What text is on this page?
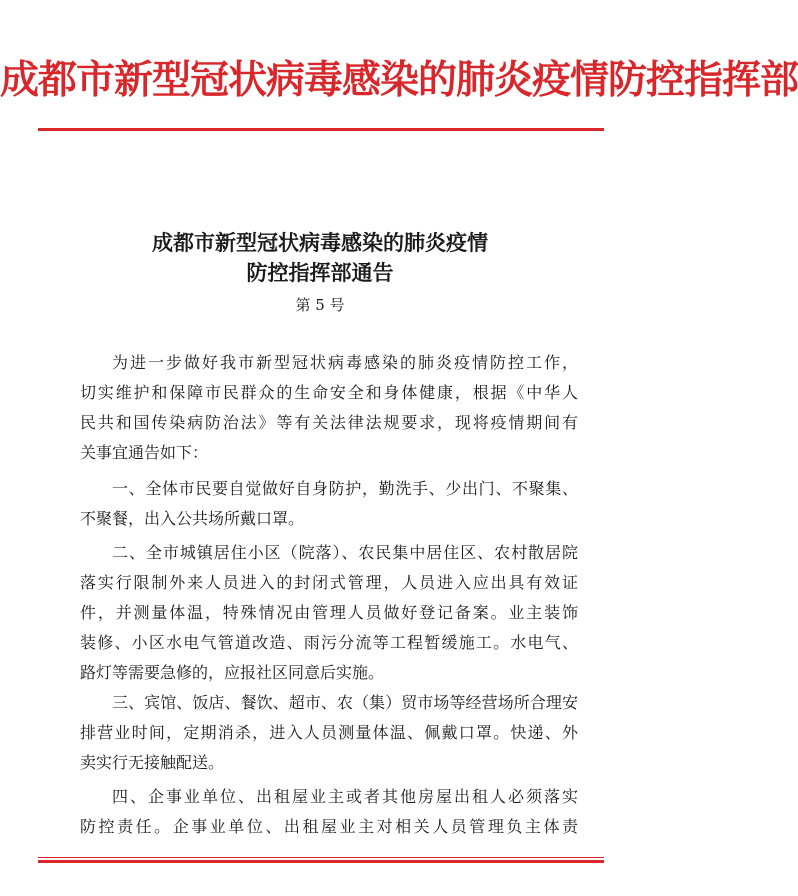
成都市新型冠状病毒感染的肺炎疫情防控指挥部
成都市新型冠状病毒感染的肺炎疫情
防控指挥部通告
第 5 号
为进一步做好我市新型冠状病毒感染的肺炎疫情防控工作，
切实维护和保障市民群众的生命安全和身体健康，根据《中华人
民共和国传染病防治法》等有关法律法规要求，现将疫情期间有
关事宜通告如下：
一、全体市民要自觉做好自身防护，勤洗手、少出门、不聚集、
不聚餐，出入公共场所戴口罩。
二、全市城镇居住小区（院落）、农民集中居住区、农村散居院
落实行限制外来人员进入的封闭式管理，人员进入应出具有效证
件，并测量体温，特殊情况由管理人员做好登记备案。业主装饰
装修、小区水电气管道改造、雨污分流等工程暂缓施工。水电气、
路灯等需要急修的，应报社区同意后实施。
三、宾馆、饭店、餐饮、超市、农（集）贸市场等经营场所合理安
排营业时间，定期消杀，进入人员测量体温、佩戴口罩。快递、外
卖实行无接触配送。
四、企事业单位、出租屋业主或者其他房屋出租人必须落实
防控责任。企事业单位、出租屋业主对相关人员管理负主体责
